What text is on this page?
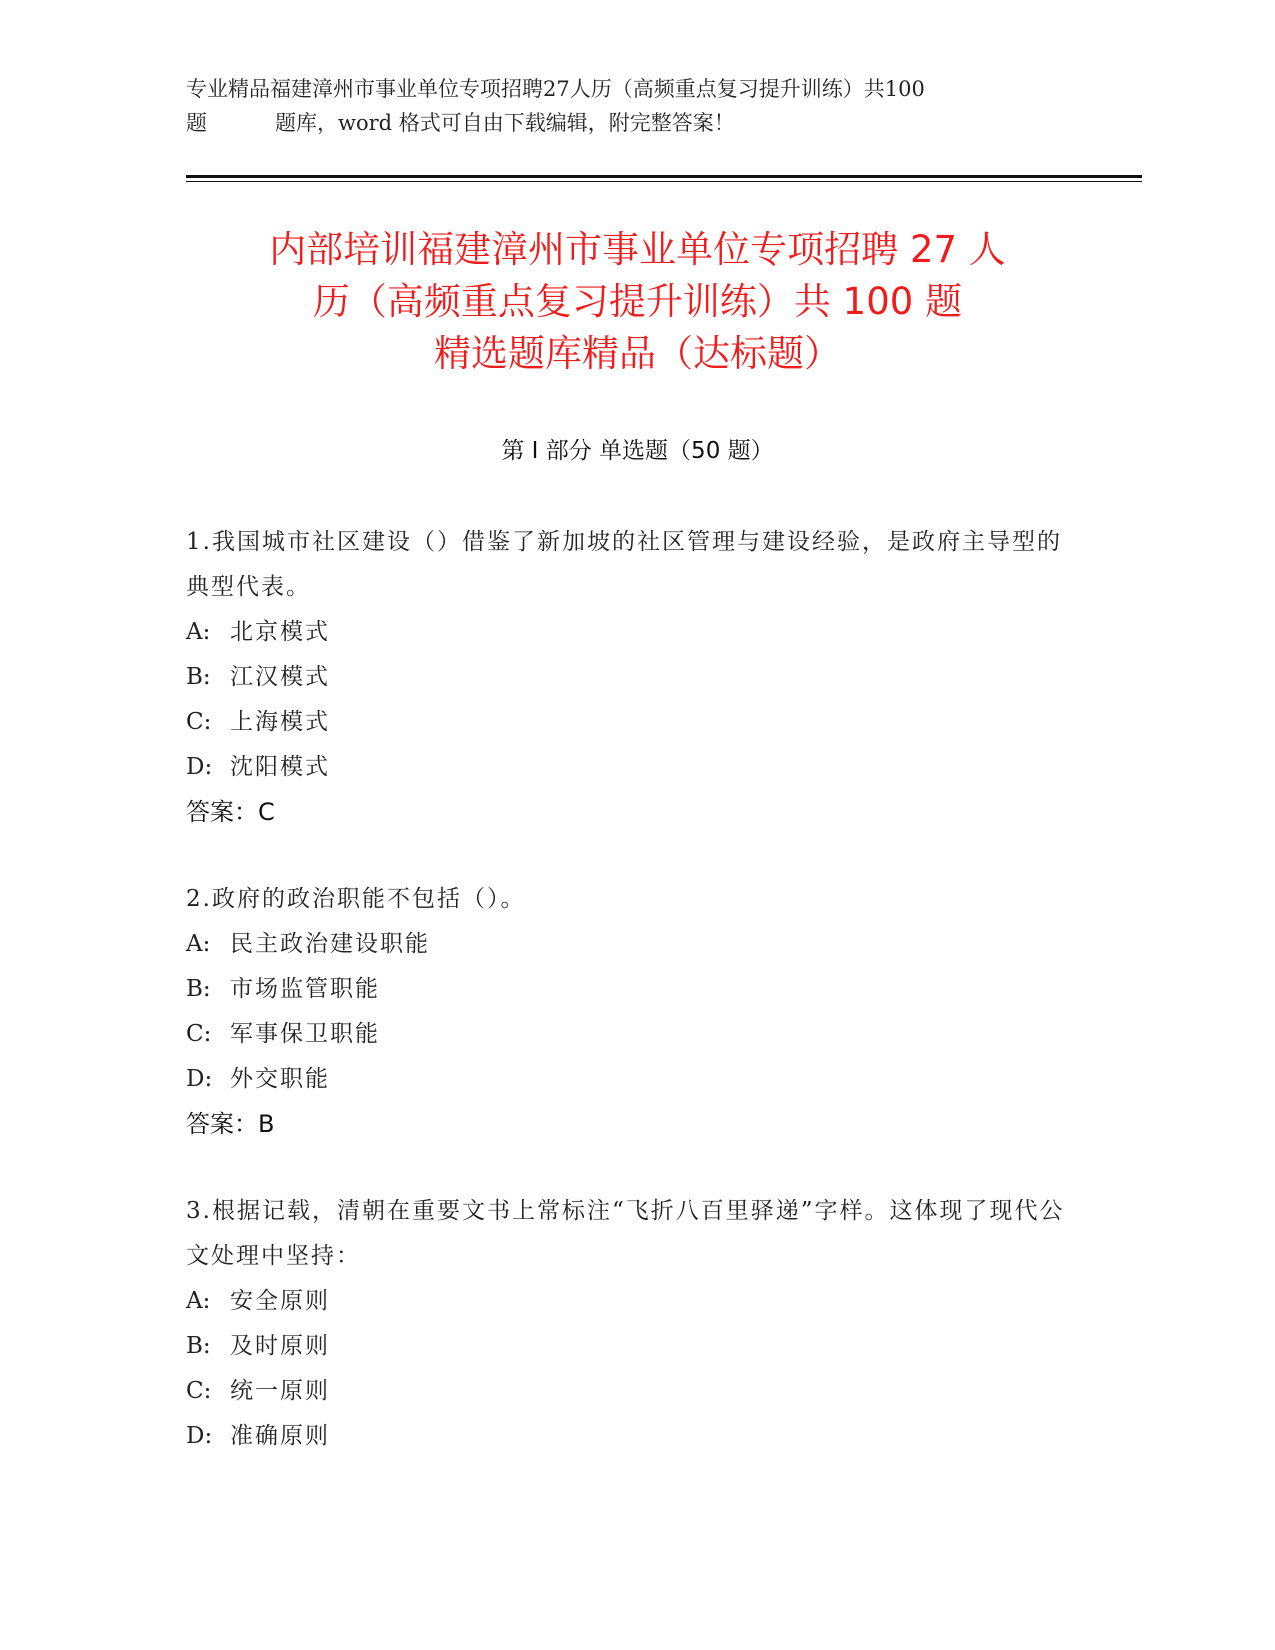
专业精品福建漳州市事业单位专项招聘27人历（高频重点复习提升训练）共100
题	题库，word 格式可自由下载编辑，附完整答案！
内部培训福建漳州市事业单位专项招聘 27 人
历（高频重点复习提升训练）共 100 题
精选题库精品（达标题）
第 I 部分 单选题（50 题）
1.我国城市社区建设（）借鉴了新加坡的社区管理与建设经验，是政府主导型的典型代表。
A: 北京模式
B: 江汉模式
C: 上海模式
D: 沈阳模式
答案：C
2.政府的政治职能不包括（）。
A: 民主政治建设职能
B: 市场监管职能
C: 军事保卫职能
D: 外交职能
答案：B
3.根据记载，清朝在重要文书上常标注“飞折八百里驿递”字样。这体现了现代公文处理中坚持：
A: 安全原则
B: 及时原则
C: 统一原则
D: 准确原则
